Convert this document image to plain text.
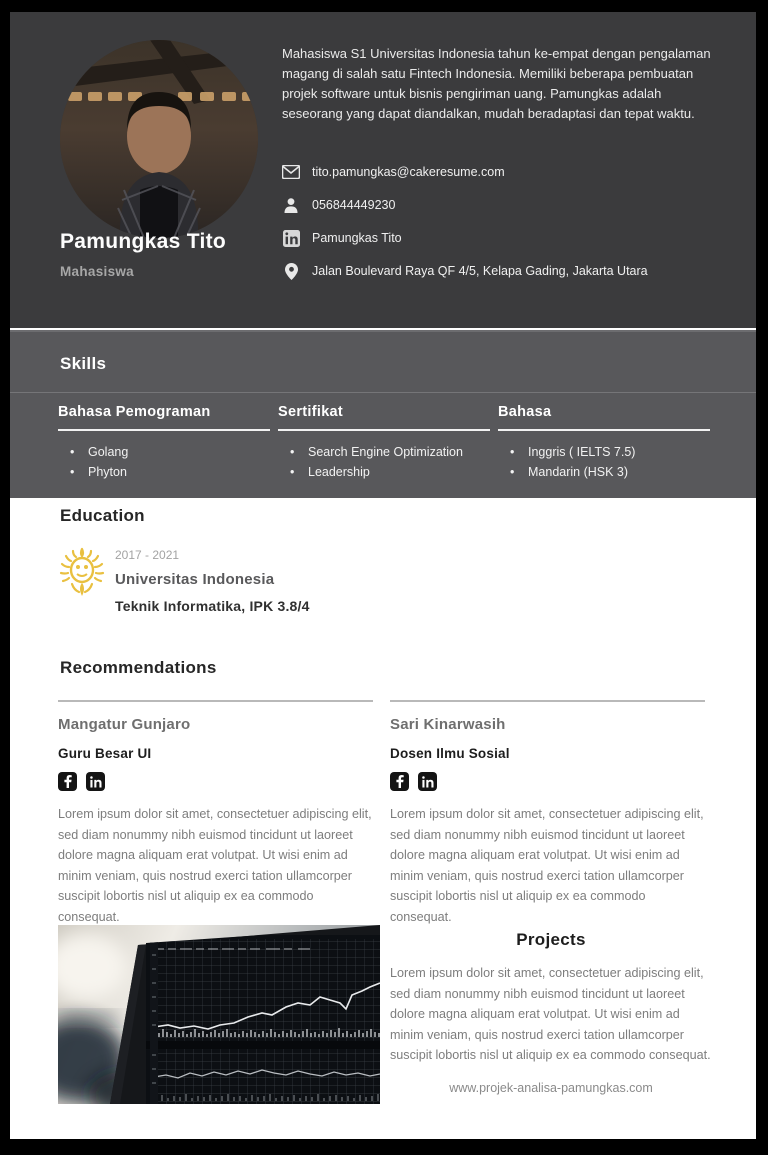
Pamungkas Tito
Mahasiswa
Mahasiswa S1 Universitas Indonesia tahun ke-empat dengan pengalaman magang di salah satu Fintech Indonesia. Memiliki beberapa pembuatan projek software untuk bisnis pengiriman uang. Pamungkas adalah seseorang yang dapat diandalkan, mudah beradaptasi dan tepat waktu.
tito.pamungkas@cakeresume.com
056844449230
Pamungkas Tito
Jalan Boulevard Raya QF 4/5, Kelapa Gading, Jakarta Utara
Skills
Bahasa Pemograman
• Golang
• Phyton
Sertifikat
• Search Engine Optimization
• Leadership
Bahasa
• Inggris ( IELTS 7.5)
• Mandarin (HSK 3)
Education
2017 - 2021
Universitas Indonesia
Teknik Informatika, IPK 3.8/4
Recommendations
Mangatur Gunjaro
Guru Besar UI
Lorem ipsum dolor sit amet, consectetuer adipiscing elit, sed diam nonummy nibh euismod tincidunt ut laoreet dolore magna aliquam erat volutpat. Ut wisi enim ad minim veniam, quis nostrud exerci tation ullamcorper suscipit lobortis nisl ut aliquip ex ea commodo consequat.
Sari Kinarwasih
Dosen Ilmu Sosial
Lorem ipsum dolor sit amet, consectetuer adipiscing elit, sed diam nonummy nibh euismod tincidunt ut laoreet dolore magna aliquam erat volutpat. Ut wisi enim ad minim veniam, quis nostrud exerci tation ullamcorper suscipit lobortis nisl ut aliquip ex ea commodo consequat.
Projects
Lorem ipsum dolor sit amet, consectetuer adipiscing elit, sed diam nonummy nibh euismod tincidunt ut laoreet dolore magna aliquam erat volutpat. Ut wisi enim ad minim veniam, quis nostrud exerci tation ullamcorper suscipit lobortis nisl ut aliquip ex ea commodo consequat.
www.projek-analisa-pamungkas.com
